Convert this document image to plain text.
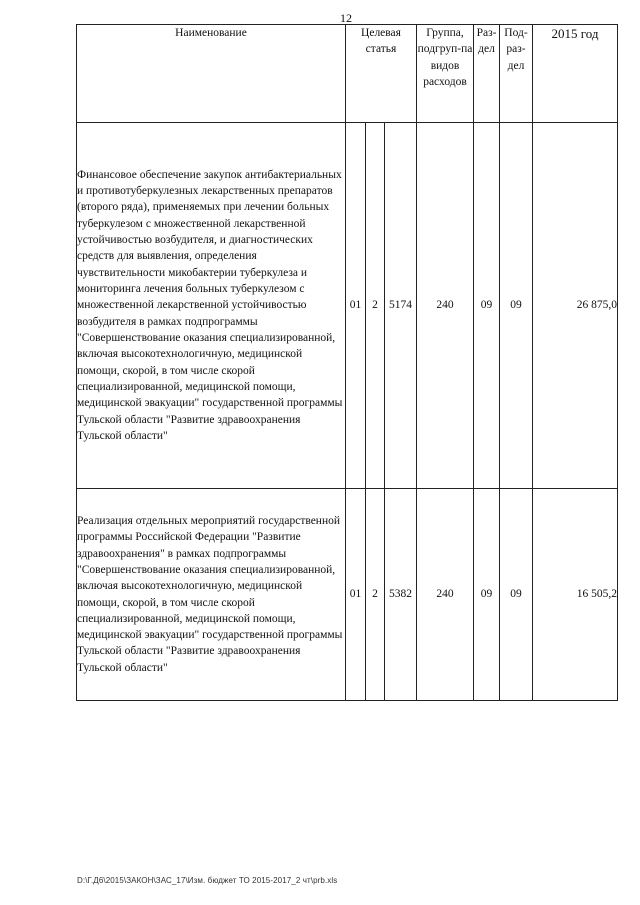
12
Наименование	Целевая статья			Группа, подгруп-па видов расходов	Раз-дел	Под-раз-дел	2015 год
Финансовое обеспечение закупок антибактериальных и противотуберкулезных лекарственных препаратов (второго ряда), применяемых при лечении больных туберкулезом с множественной лекарственной устойчивостью возбудителя, и диагностических средств для выявления, определения чувствительности микобактерии туберкулеза и мониторинга лечения больных туберкулезом с множественной лекарственной устойчивостью возбудителя в рамках подпрограммы "Совершенствование оказания специализированной, включая высокотехнологичную, медицинской помощи, скорой, в том числе скорой специализированной, медицинской помощи, медицинской эвакуации" государственной программы Тульской области "Развитие здравоохранения Тульской области"	01	2	5174	240	09	09	26 875,0
Реализация отдельных мероприятий государственной программы Российской Федерации "Развитие здравоохранения" в рамках подпрограммы "Совершенствование оказания специализированной, включая высокотехнологичную, медицинской помощи, скорой, в том числе скорой специализированной, медицинской помощи, медицинской эвакуации" государственной программы Тульской области "Развитие здравоохранения Тульской области"	01	2	5382	240	09	09	16 505,2
D:\Г.Д6\2015\ЗАКОН\ЗАС_17\Изм. бюджет ТО 2015-2017_2 чт\prb.xls
